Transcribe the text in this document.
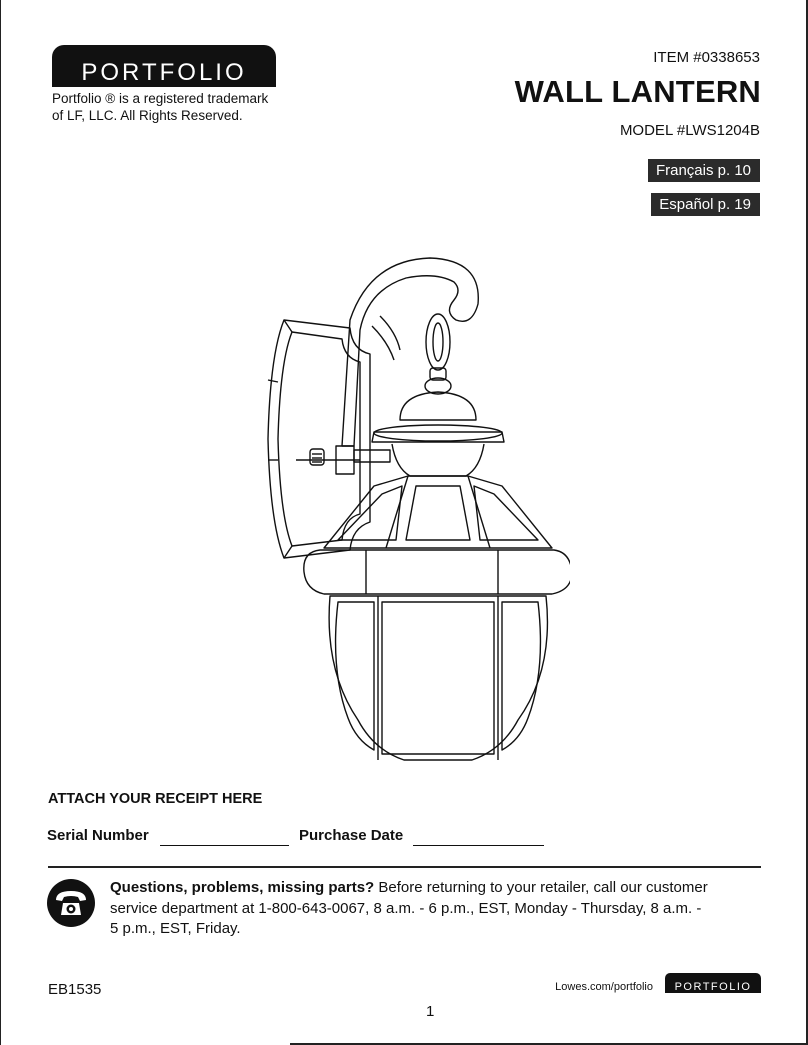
PORTFOLIO
Portfolio ® is a registered trademark
of LF, LLC. All Rights Reserved.
ITEM #0338653
WALL LANTERN
MODEL #LWS1204B
Français p. 10
Español p. 19
ATTACH YOUR RECEIPT HERE
Serial Number	Purchase Date
Questions, problems, missing parts? Before returning to your retailer, call our customer
service department at 1-800-643-0067, 8 a.m. - 6 p.m., EST, Monday - Thursday, 8 a.m. -
5 p.m., EST, Friday.
EB1535	Lowes.com/portfolio	PORTFOLIO
1
